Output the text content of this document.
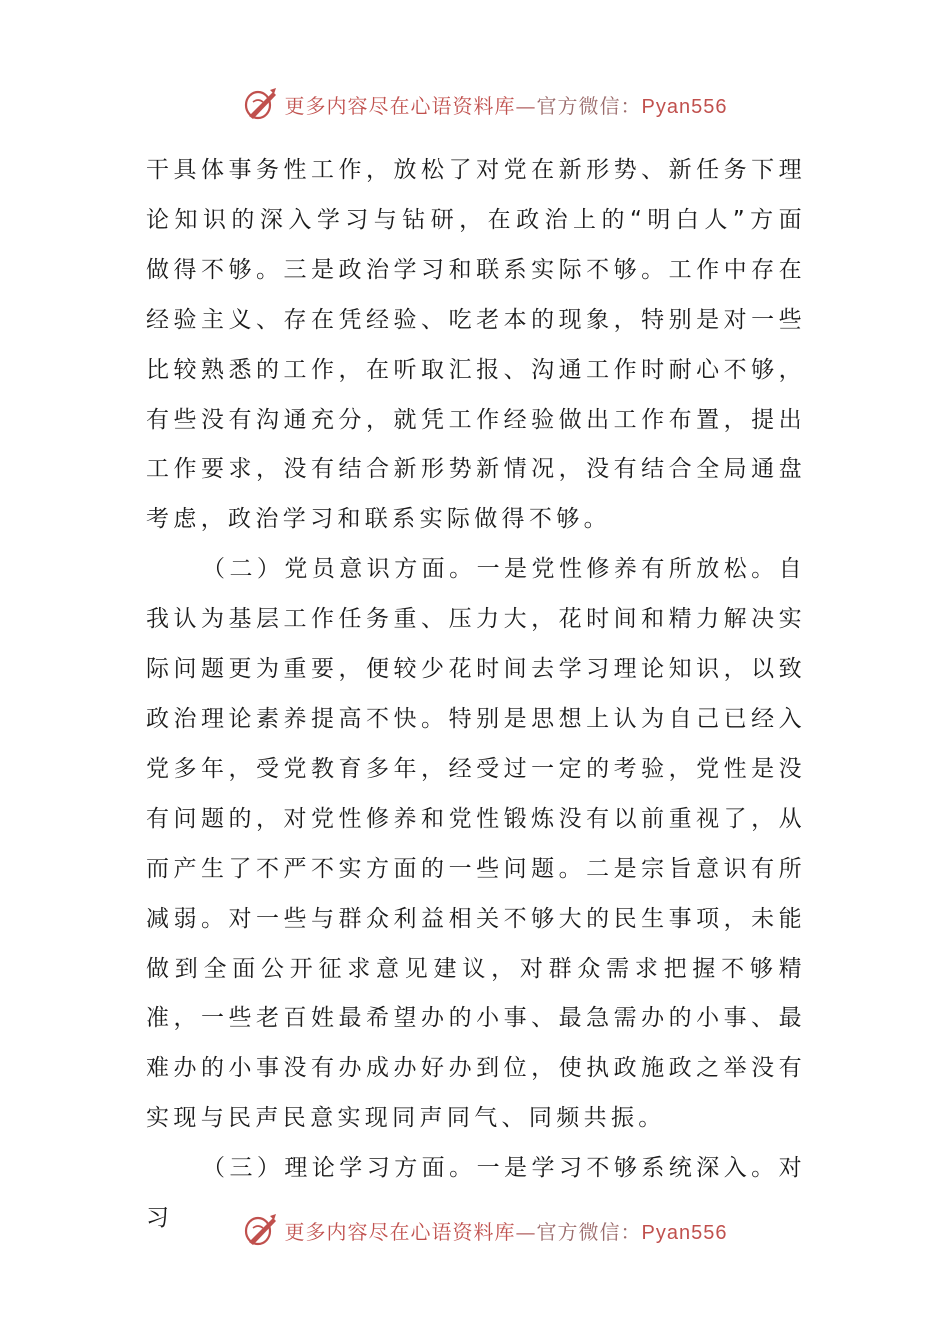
更多内容尽在心语资料库—官方微信：Pyan556

干具体事务性工作，放松了对党在新形势、新任务下理论知识的深入学习与钻研，在政治上的“明白人”方面做得不够。三是政治学习和联系实际不够。工作中存在经验主义、存在凭经验、吃老本的现象，特别是对一些比较熟悉的工作，在听取汇报、沟通工作时耐心不够，有些没有沟通充分，就凭工作经验做出工作布置，提出工作要求，没有结合新形势新情况，没有结合全局通盘考虑，政治学习和联系实际做得不够。

（二）党员意识方面。一是党性修养有所放松。自我认为基层工作任务重、压力大，花时间和精力解决实际问题更为重要，便较少花时间去学习理论知识，以致政治理论素养提高不快。特别是思想上认为自己已经入党多年，受党教育多年，经受过一定的考验，党性是没有问题的，对党性修养和党性锻炼没有以前重视了，从而产生了不严不实方面的一些问题。二是宗旨意识有所减弱。对一些与群众利益相关不够大的民生事项，未能做到全面公开征求意见建议，对群众需求把握不够精准，一些老百姓最希望办的小事、最急需办的小事、最难办的小事没有办成办好办到位，使执政施政之举没有实现与民声民意实现同声同气、同频共振。

（三）理论学习方面。一是学习不够系统深入。对习

更多内容尽在心语资料库—官方微信：Pyan556
